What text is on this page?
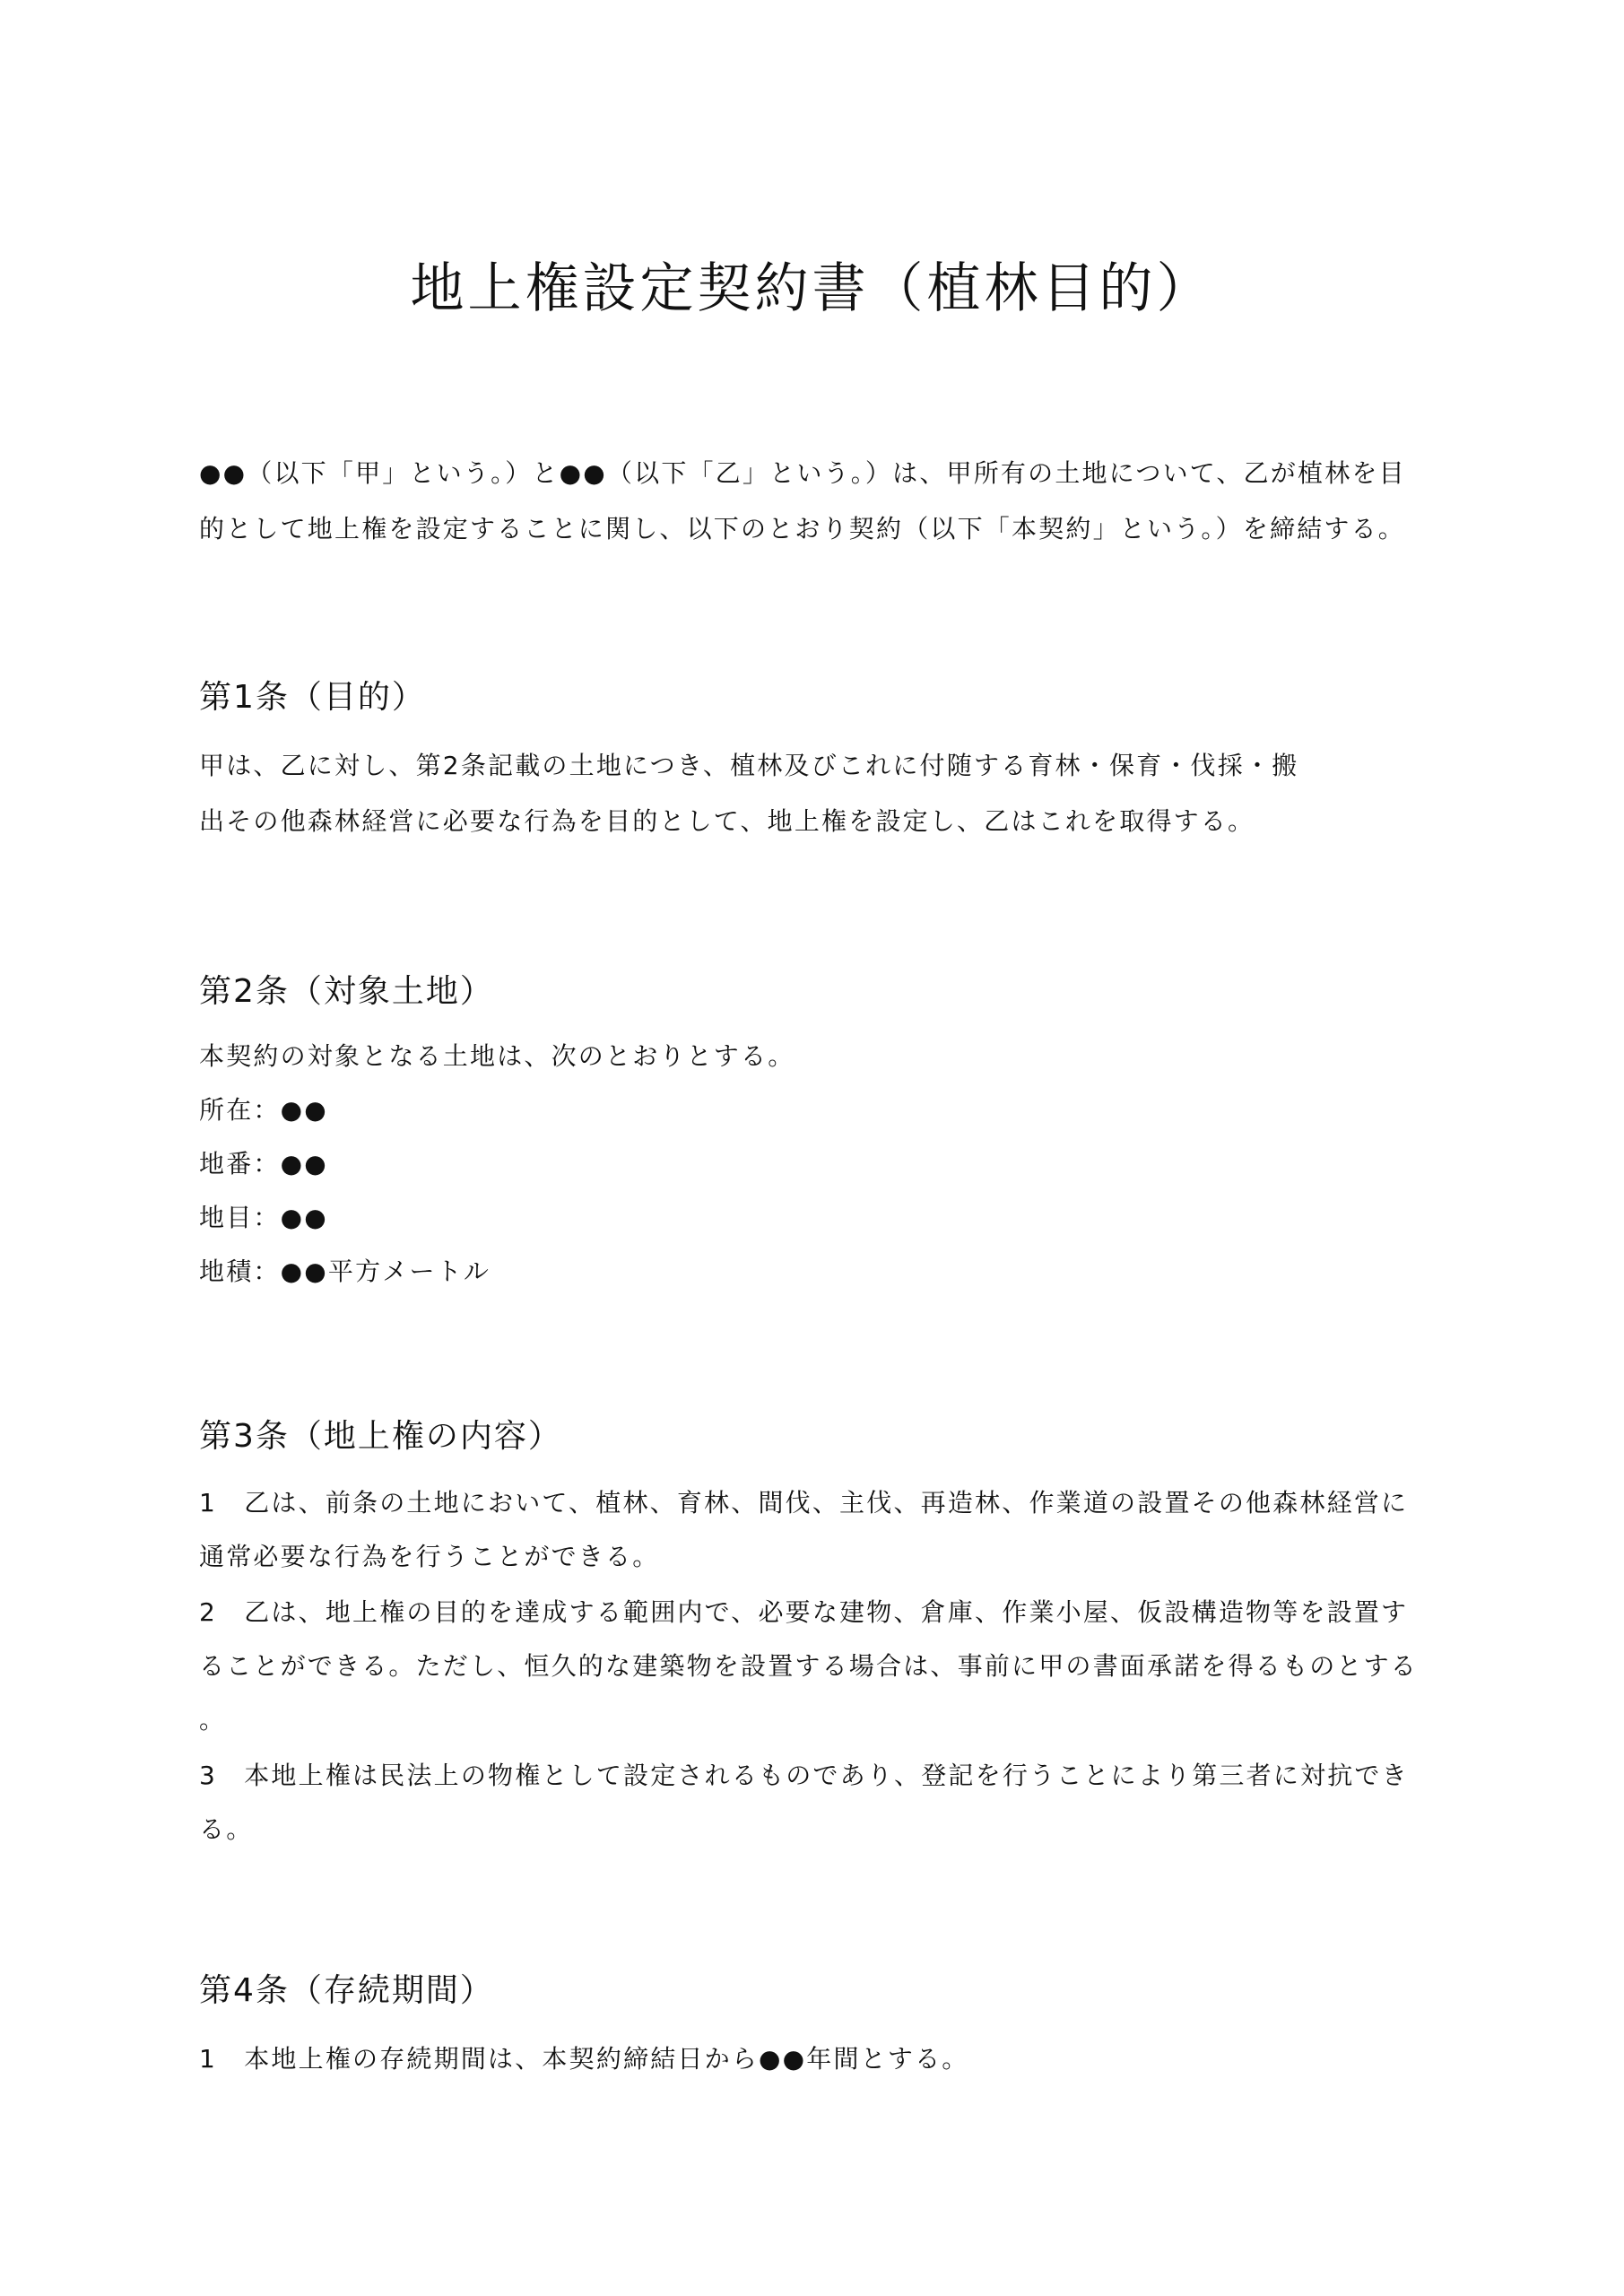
地上権設定契約書（植林目的）
●●（以下「甲」という。）と●●（以下「乙」という。）は、甲所有の土地について、乙が植林を目
的として地上権を設定することに関し、以下のとおり契約（以下「本契約」という。）を締結する。
第1条（目的）
甲は、乙に対し、第2条記載の土地につき、植林及びこれに付随する育林・保育・伐採・搬
出その他森林経営に必要な行為を目的として、地上権を設定し、乙はこれを取得する。
第2条（対象土地）
本契約の対象となる土地は、次のとおりとする。
所在：●●
地番：●●
地目：●●
地積：●●平方メートル
第3条（地上権の内容）
1　乙は、前条の土地において、植林、育林、間伐、主伐、再造林、作業道の設置その他森林経営に
通常必要な行為を行うことができる。
2　乙は、地上権の目的を達成する範囲内で、必要な建物、倉庫、作業小屋、仮設構造物等を設置す
ることができる。ただし、恒久的な建築物を設置する場合は、事前に甲の書面承諾を得るものとする
。
3　本地上権は民法上の物権として設定されるものであり、登記を行うことにより第三者に対抗でき
る。
第4条（存続期間）
1　本地上権の存続期間は、本契約締結日から●●年間とする。
